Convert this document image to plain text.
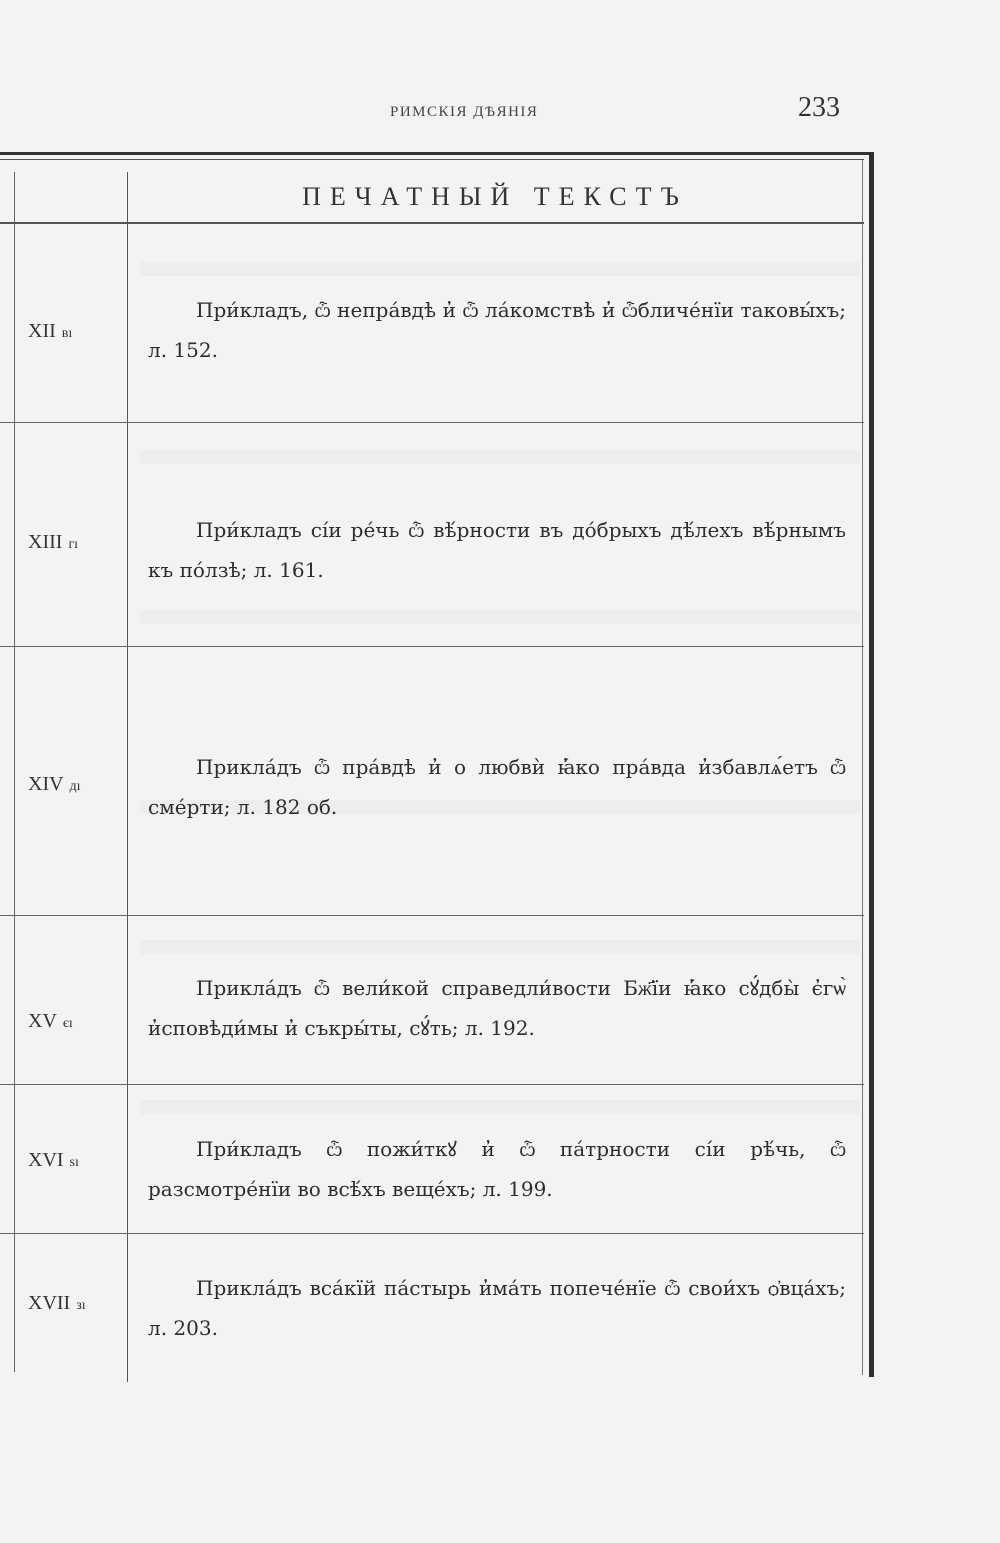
РИМСКІЯ ДѢЯНІЯ	233
ПЕЧАТНЫЙ ТЕКСТЪ
XII вı
При́кладъ, ѽ непра́вдѣ и̓ ѽ ла́комствѣ и̓ ѽбличе́нїи таковы́хъ; л. 152.
XIII гı
При́кладъ сі́и ре́чь ѽ вѣ́рности въ до́брыхъ дѣ́лехъ вѣ́рнымъ къ по́лзѣ; л. 161.
XIV дı
Прикла́дъ ѽ пра́вдѣ и̓ о любвѝ ꙗ̓́ко пра́вда и̓збавлѧ́етъ ѽ сме́рти; л. 182 об.
XV єı
Прикла́дъ ѽ вели́кой справедли́вости Бж҃їи ꙗ̓́ко сꙋ́дбы̀ є̓гѡ̀ и̓сповѣди́мы и̓ съкры́ты, сꙋ́ть; л. 192.
XVI ѕı
При́кладъ ѽ пожи́ткꙋ и̓ ѽ па́трности сі́и рѣ́чь, ѽ разсмотре́нїи во всѣ́хъ веще́хъ; л. 199.
XVII зı
Прикла́дъ вса́кїй па́стырь и̓ма́ть попече́нїе ѽ свои́хъ ѻ̓вца́хъ; л. 203.
